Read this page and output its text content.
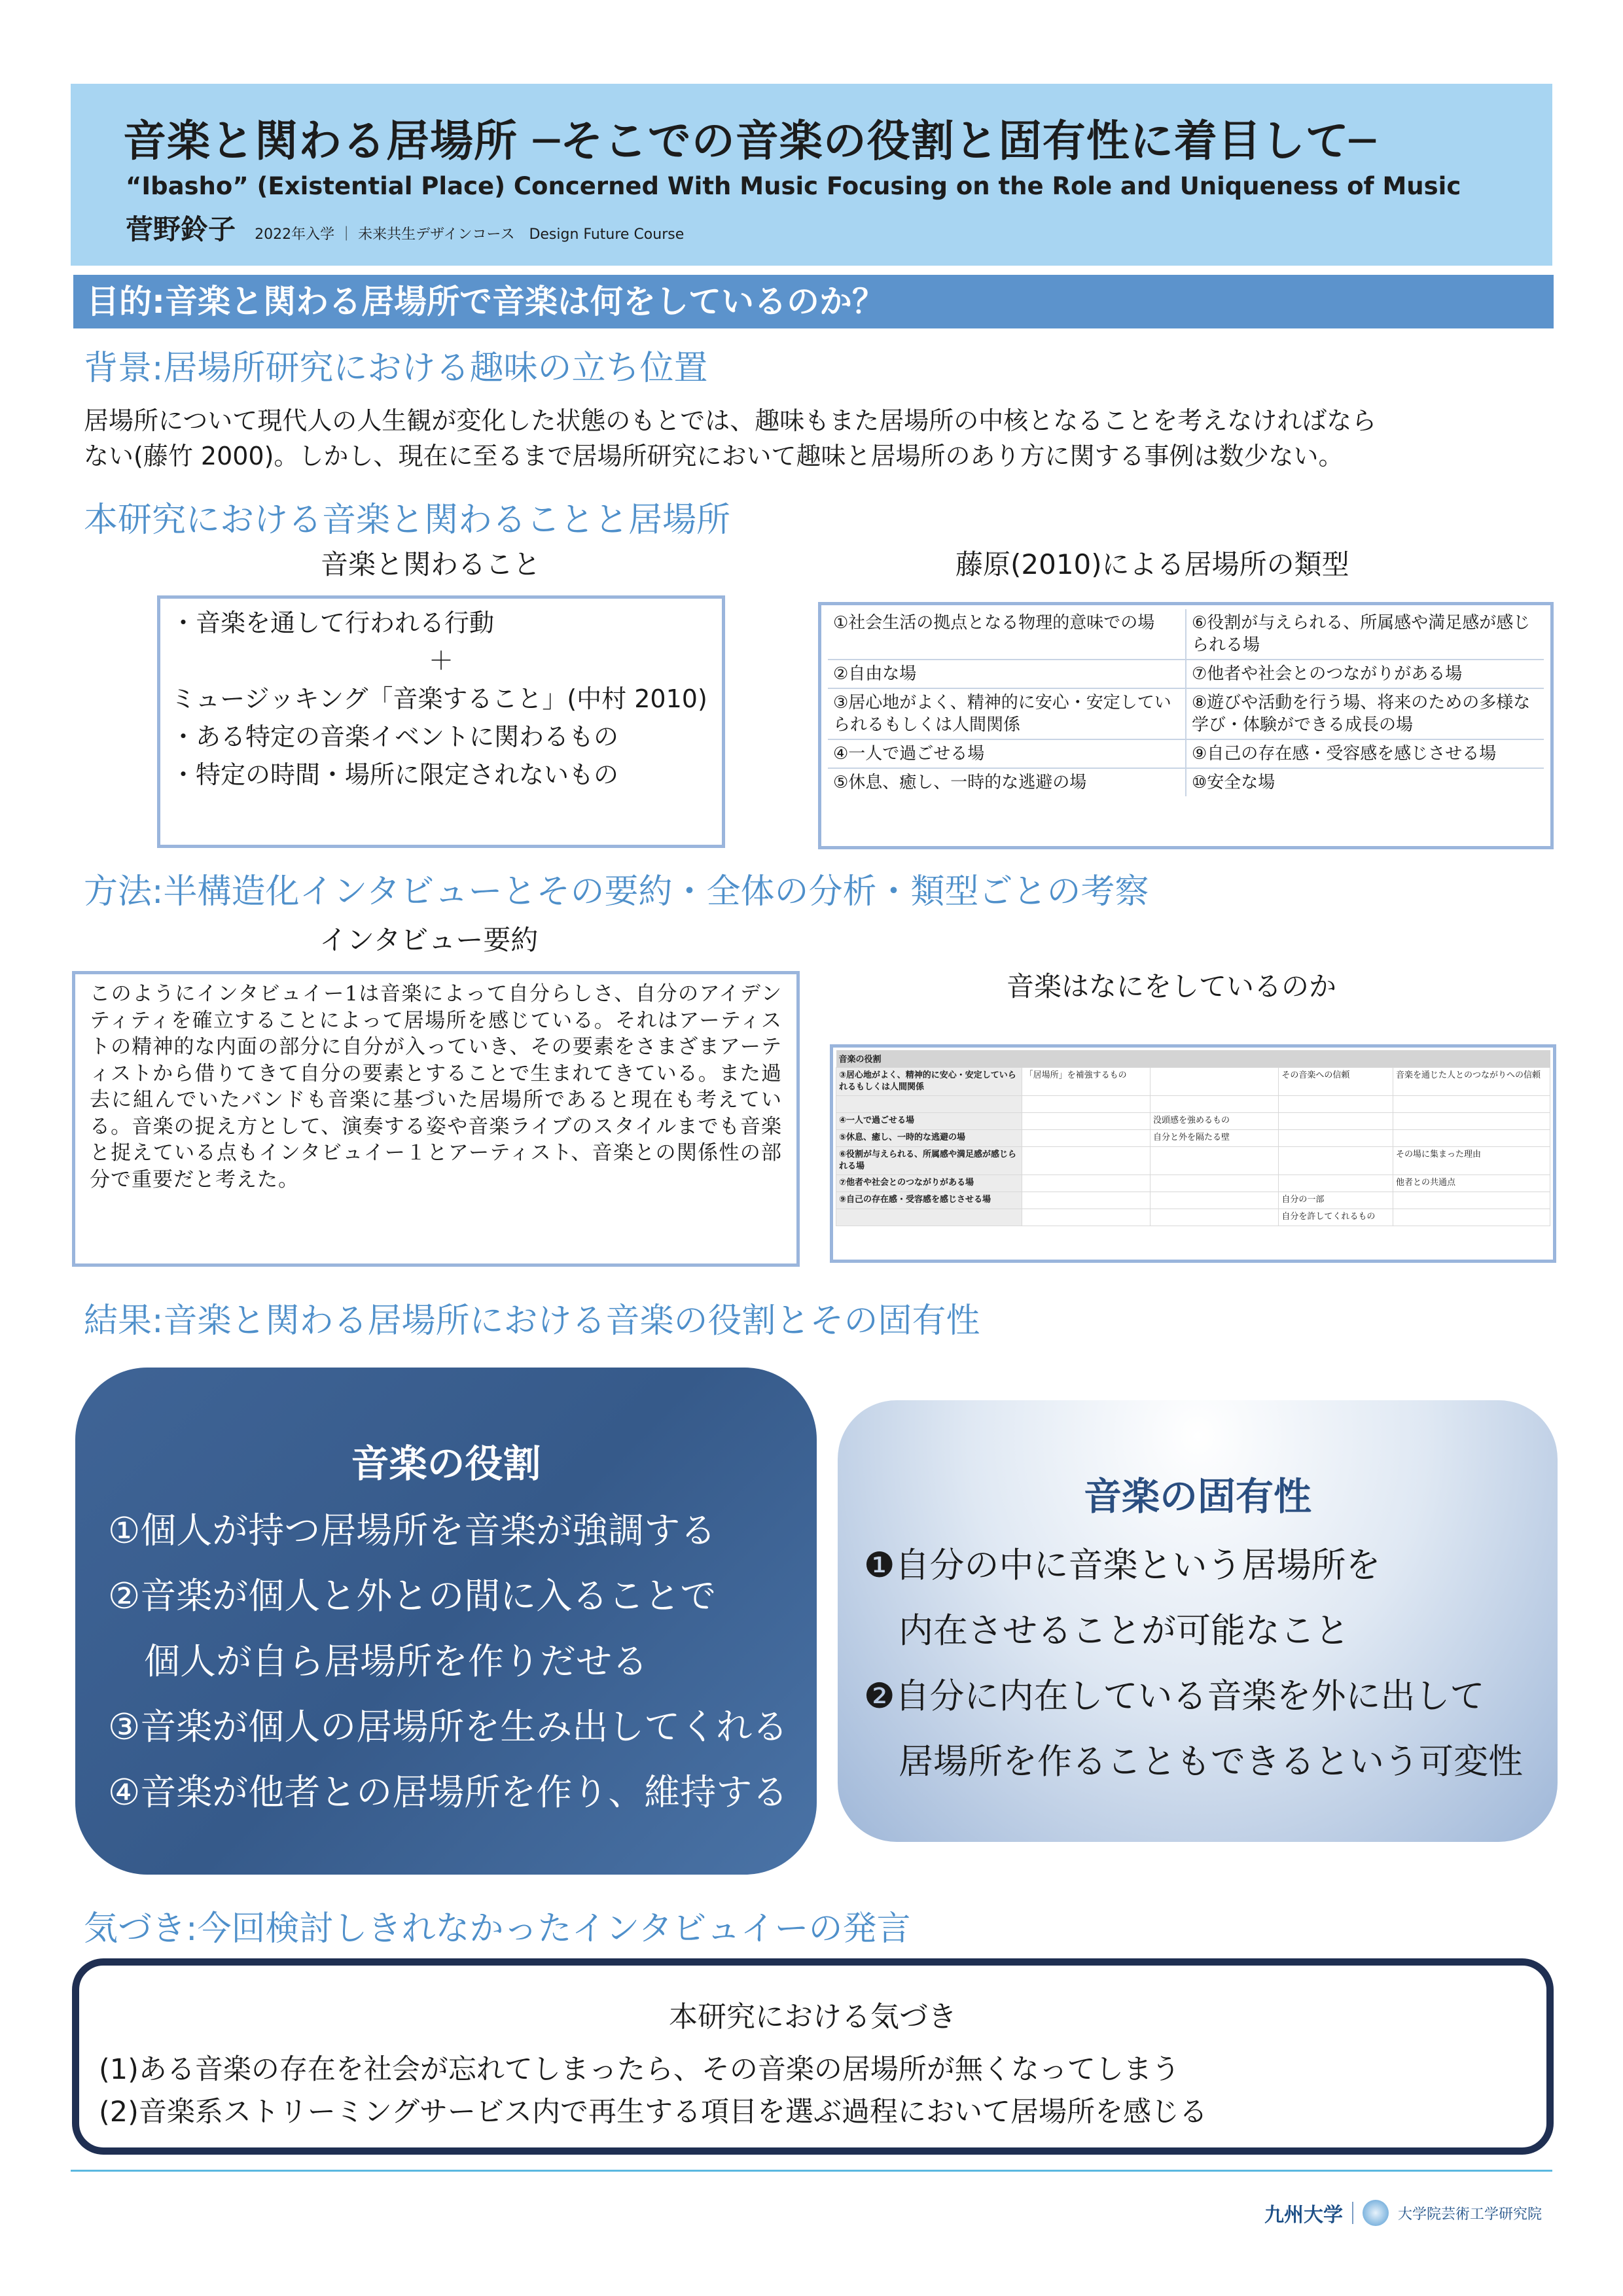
音楽と関わる居場所 ─そこでの音楽の役割と固有性に着目して─
“Ibasho” (Existential Place) Concerned With Music Focusing on the Role and Uniqueness of Music
菅野鈴子 2022年入学 ｜ 未来共生デザインコース　Design Future Course
目的:音楽と関わる居場所で音楽は何をしているのか？
背景:居場所研究における趣味の立ち位置
居場所について現代人の人生観が変化した状態のもとでは、趣味もまた居場所の中核となることを考えなければなら
ない(藤竹 2000)。しかし、現在に至るまで居場所研究において趣味と居場所のあり方に関する事例は数少ない。
本研究における音楽と関わることと居場所
音楽と関わること	藤原(2010)による居場所の類型
・音楽を通して行われる行動
＋
ミュージッキング「音楽すること」(中村 2010)
・ある特定の音楽イベントに関わるもの
・特定の時間・場所に限定されないもの
①社会生活の拠点となる物理的意味での場	⑥役割が与えられる、所属感や満足感が感じられる場
②自由な場	⑦他者や社会とのつながりがある場
③居心地がよく、精神的に安心・安定していられるもしくは人間関係	⑧遊びや活動を行う場、将来のための多様な学び・体験ができる成長の場
④一人で過ごせる場	⑨自己の存在感・受容感を感じさせる場
⑤休息、癒し、一時的な逃避の場	⑩安全な場
方法:半構造化インタビューとその要約・全体の分析・類型ごとの考察
インタビュー要約
音楽はなにをしているのか
このようにインタビュイー1は音楽によって自分らしさ、自分のアイデンティティを確立することによって居場所を感じている。それはアーティストの精神的な内面の部分に自分が入っていき、その要素をさまざまアーティストから借りてきて自分の要素とすることで生まれてきている。また過去に組んでいたバンドも音楽に基づいた居場所であると現在も考えている。音楽の捉え方として、演奏する姿や音楽ライブのスタイルまでも音楽と捉えている点もインタビュイー１とアーティスト、音楽との関係性の部分で重要だと考えた。
音楽の役割				
③居心地がよく、精神的に安心・安定していられるもしくは人間関係	「居場所」を補強するもの		その音楽への信頼	音楽を通じた人とのつながりへの信頼

④一人で過ごせる場		没頭感を強めるもの		
⑤休息、癒し、一時的な逃避の場		自分と外を隔たる壁		
⑥役割が与えられる、所属感や満足感が感じられる場				その場に集まった理由
⑦他者や社会とのつながりがある場				他者との共通点
⑨自己の存在感・受容感を感じさせる場			自分の一部	
			自分を許してくれるもの	
結果:音楽と関わる居場所における音楽の役割とその固有性
音楽の役割
①個人が持つ居場所を音楽が強調する
②音楽が個人と外との間に入ることで
　個人が自ら居場所を作りだせる
③音楽が個人の居場所を生み出してくれる
④音楽が他者との居場所を作り、維持する
音楽の固有性
❶自分の中に音楽という居場所を
　内在させることが可能なこと
❷自分に内在している音楽を外に出して
　居場所を作ることもできるという可変性
気づき:今回検討しきれなかったインタビュイーの発言
本研究における気づき
(1)ある音楽の存在を社会が忘れてしまったら、その音楽の居場所が無くなってしまう
(2)音楽系ストリーミングサービス内で再生する項目を選ぶ過程において居場所を感じる
九州大学	大学院芸術工学研究院
